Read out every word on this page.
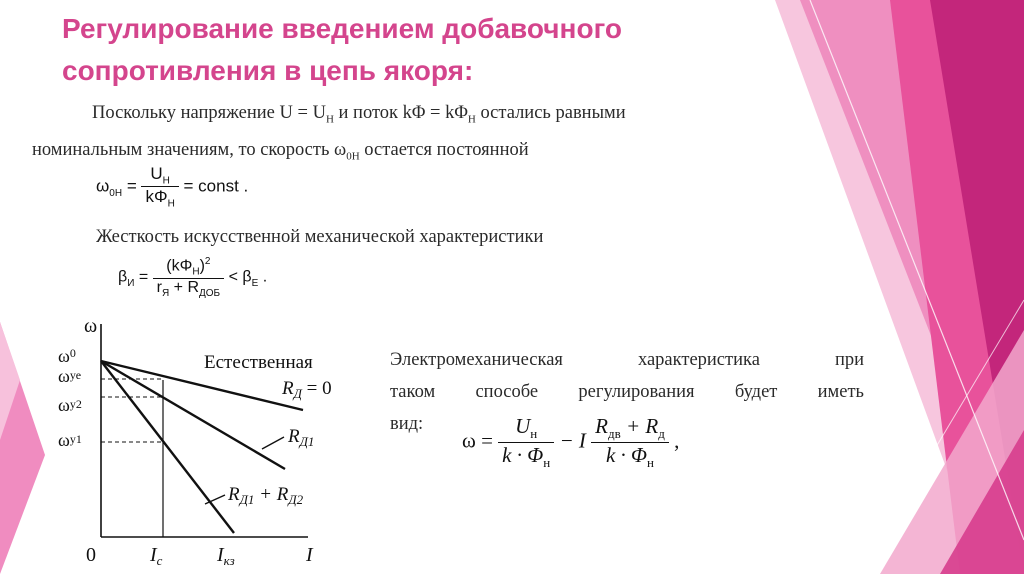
Регулирование введением добавочного сопротивления в цепь якоря:
Поскольку напряжение $U = U_Н$ и поток $k\Phi = k\Phi_Н$ остались равными
номинальным значениям, то скорость $\omega_{0Н}$ остается постоянной
$\omega_{0Н} = \frac{U_Н}{k\Phi_Н}$ = const .
Жесткость искусственной механической характеристики
$\beta_И = \frac{(k\Phi_Н)^2}{r_Я + R_{ДОБ}} < \beta_Е$ .
Электромеханическая характеристика при
таком способе регулирования будет иметь
вид:
$\omega = \frac{U_н}{k \cdot \Phi_н} - I \frac{R_{дв} + R_д}{k \cdot \Phi_н}$ ,
ω
I
0
$\omega^0$
ωуе
ωу2
ωу1
$I_с$	$I_{кз}$
Естественная
$R_Д = 0$
$R_{Д1}$
$R_{Д1} + R_{Д2}$
